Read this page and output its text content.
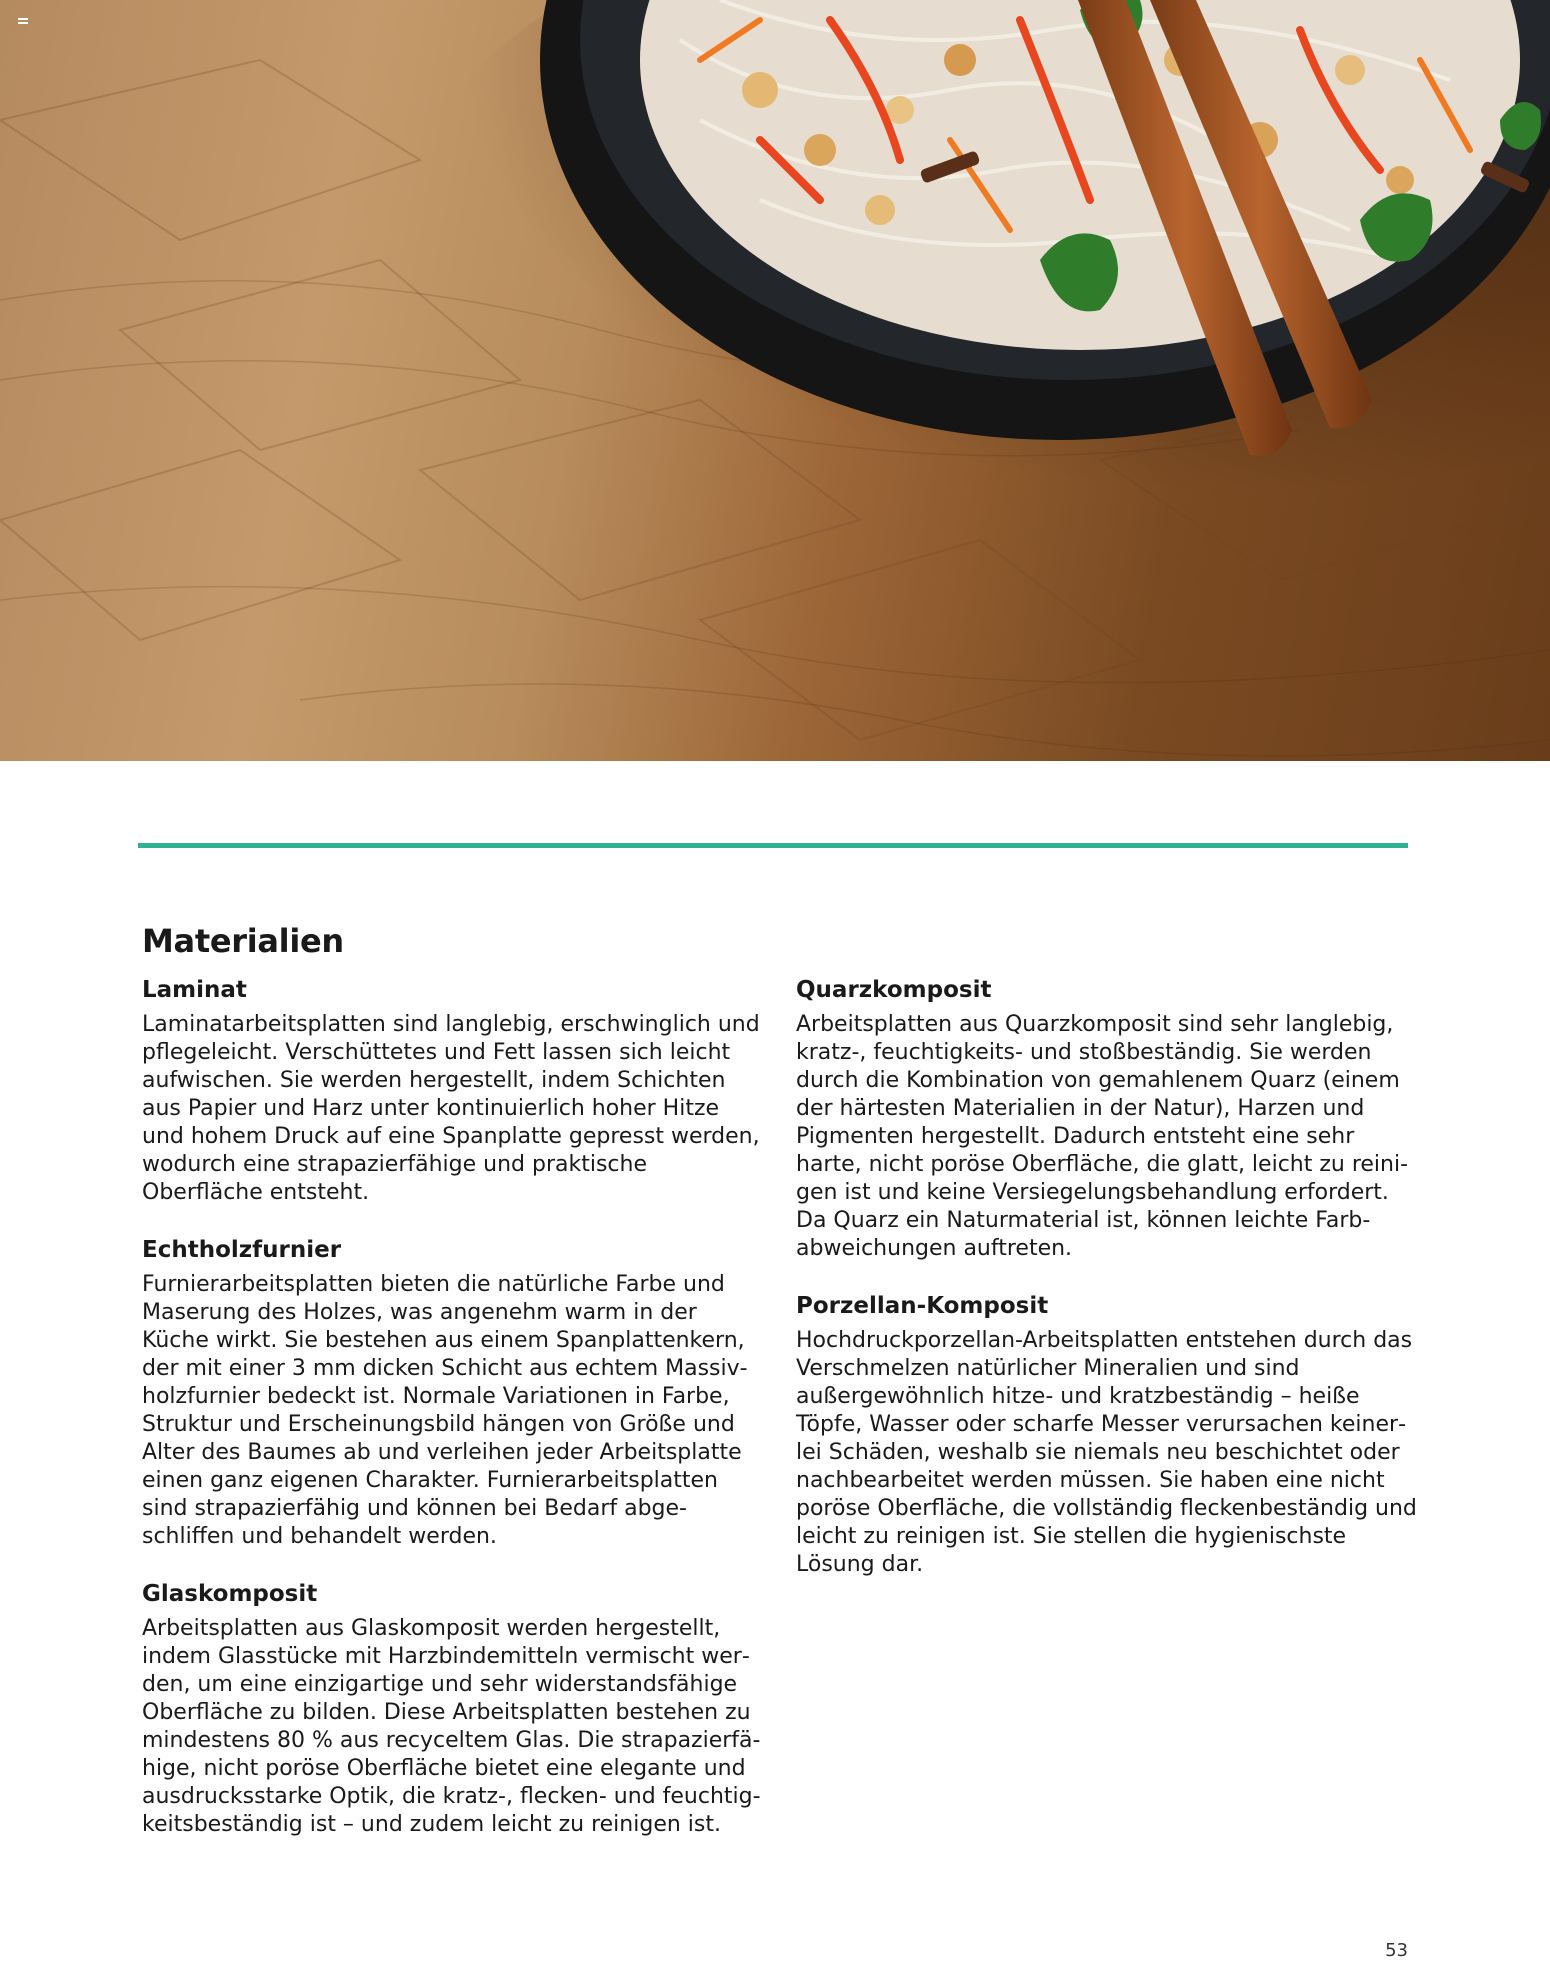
Materialien
Laminat

Laminatarbeitsplatten sind langlebig, erschwinglich und pflegeleicht. Verschüttetes und Fett lassen sich leicht aufwischen. Sie werden hergestellt, indem Schichten aus Papier und Harz unter kontinuierlich hoher Hitze und hohem Druck auf eine Spanplatte gepresst werden, wodurch eine strapazierfähige und praktische Oberfläche entsteht.

Echtholzfurnier

Furnierarbeitsplatten bieten die natürliche Farbe und Maserung des Holzes, was angenehm warm in der Küche wirkt. Sie bestehen aus einem Spanplattenkern, der mit einer 3 mm dicken Schicht aus echtem Massivholzfurnier bedeckt ist. Normale Variationen in Farbe, Struktur und Erscheinungsbild hängen von Größe und Alter des Baumes ab und verleihen jeder Arbeitsplatte einen ganz eigenen Charakter. Furnierarbeitsplatten sind strapazierfähig und können bei Bedarf abgeschliffen und behandelt werden.

Glaskomposit

Arbeitsplatten aus Glaskomposit werden hergestellt, indem Glasstücke mit Harzbindemitteln vermischt werden, um eine einzigartige und sehr widerstandsfähige Oberfläche zu bilden. Diese Arbeitsplatten bestehen zu mindestens 80 % aus recyceltem Glas. Die strapazierfähige, nicht poröse Oberfläche bietet eine elegante und ausdrucksstarke Optik, die kratz-, flecken- und feuchtigkeitsbeständig ist – und zudem leicht zu reinigen ist.

Quarzkomposit

Arbeitsplatten aus Quarzkomposit sind sehr langlebig, kratz-, feuchtigkeits- und stoßbeständig. Sie werden durch die Kombination von gemahlenem Quarz (einem der härtesten Materialien in der Natur), Harzen und Pigmenten hergestellt. Dadurch entsteht eine sehr harte, nicht poröse Oberfläche, die glatt, leicht zu reinigen ist und keine Versiegelungsbehandlung erfordert. Da Quarz ein Naturmaterial ist, können leichte Farbabweichungen auftreten.

Porzellan-Komposit

Hochdruckporzellan-Arbeitsplatten entstehen durch das Verschmelzen natürlicher Mineralien und sind außergewöhnlich hitze- und kratzbeständig – heiße Töpfe, Wasser oder scharfe Messer verursachen keinerlei Schäden, weshalb sie niemals neu beschichtet oder nachbearbeitet werden müssen. Sie haben eine nicht poröse Oberfläche, die vollständig fleckenbeständig und leicht zu reinigen ist. Sie stellen die hygienischste Lösung dar.

53
